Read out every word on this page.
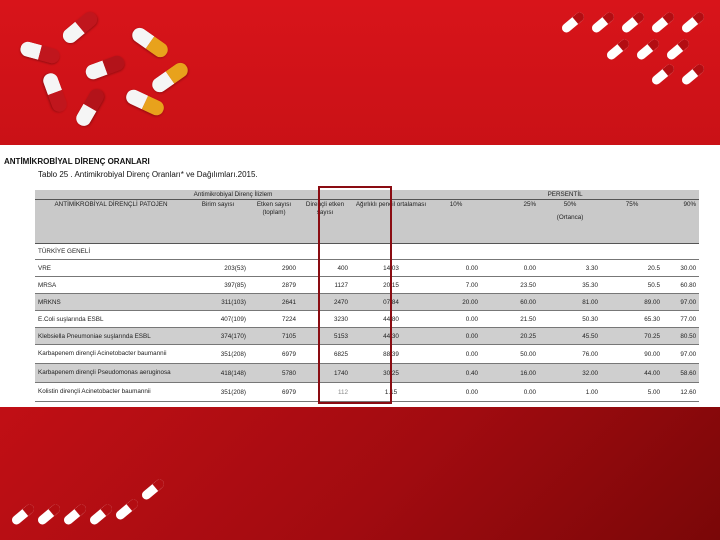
ANTİMİKROBİYAL DİRENÇ ORANLARI
Tablo 25 . Antimikrobiyal Direnç Oranları* ve Dağılımları.2015.
Antimikrobiyal Direnç İlizlem					PERSENTİL				
ANTİMİKROBİYAL DİRENÇLİ PATOJEN	Birim sayısı	Etken sayısı (toplam)	Dirençli etken sayısı	Ağırlıklı pencil ortalaması	10%	25%	50%
(Ortanca)	75%	90%
TÜRKİYE GENELİ									
VRE	203(53)	2900	400	14.03	0.00	0.00	3.30	20.5	30.00
MRSA	397(85)	2879	1127	20.15	7.00	23.50	35.30	50.5	60.80
MRKNS	311(103)	2641	2470	07.84	20.00	60.00	81.00	89.00	97.00
E.Coli suşlarında ESBL	407(109)	7224	3230	44.80	0.00	21.50	50.30	65.30	77.00
Klebsiella Pneumoniae suşlarında ESBL	374(170)	7105	5153	44.30	0.00	20.25	45.50	70.25	80.50
Karbapenem dirençli Acinetobacter baumannii	351(208)	6979	6825	88.39	0.00	50.00	76.00	90.00	97.00
Karbapenem dirençli Pseudomonas aeruginosa	418(148)	5780	1740	30.25	0.40	16.00	32.00	44.00	58.60
Kolistin dirençli Acinetobacter baumannii	351(208)	6979	112	1.15	0.00	0.00	1.00	5.00	12.60
